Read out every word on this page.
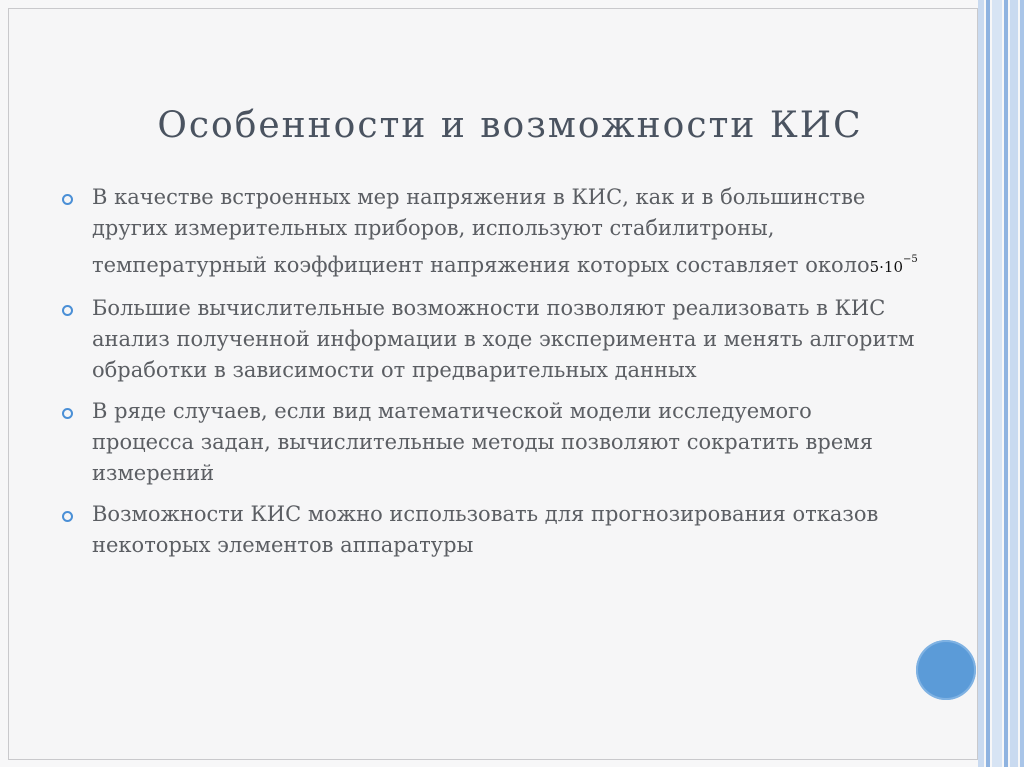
Особенности и возможности КИС
В качестве встроенных мер напряжения в КИС, как и в большинстве других измерительных приборов, используют стабилитроны, температурный коэффициент напряжения которых составляет $около5\cdot 10^{-5}$
Большие вычислительные возможности позволяют реализовать в КИС анализ полученной информации в ходе эксперимента и менять алгоритм обработки в зависимости от предварительных данных
В ряде случаев, если вид математической модели исследуемого процесса задан, вычислительные методы позволяют сократить время измерений
Возможности КИС можно использовать для прогнозирования отказов некоторых элементов аппаратуры
